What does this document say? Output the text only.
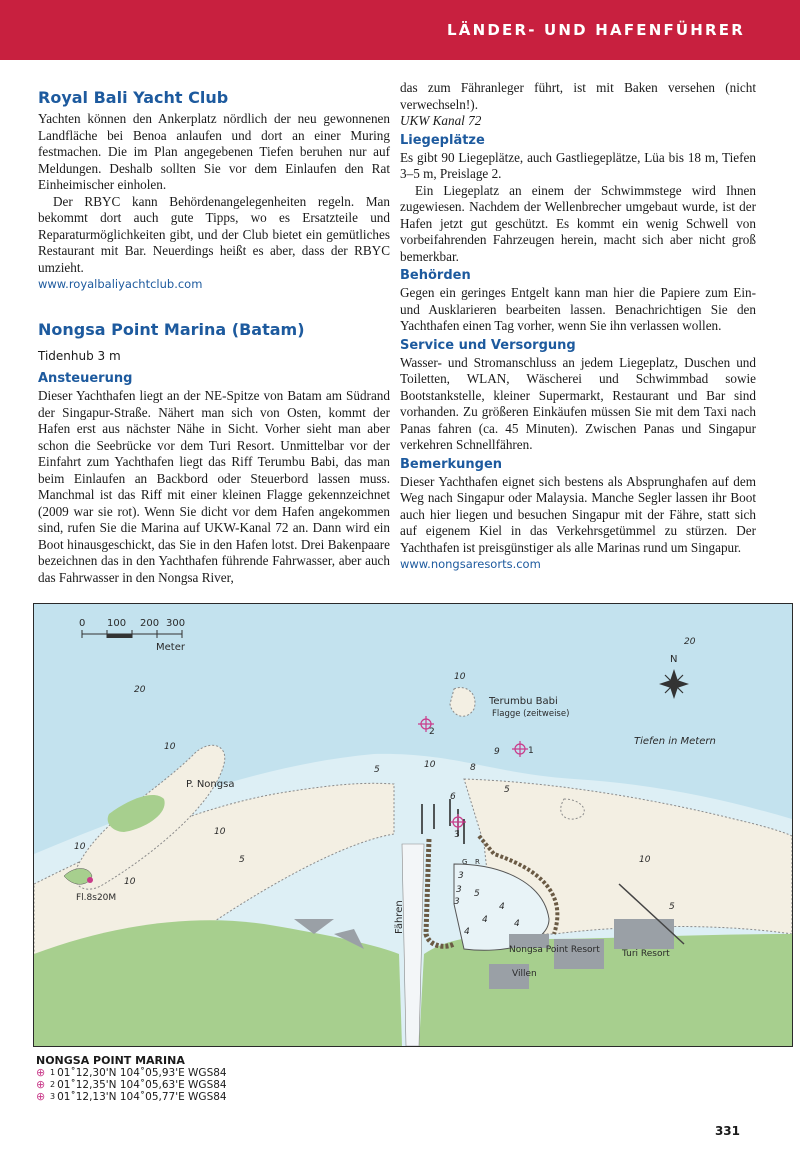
LÄNDER- UND HAFENFÜHRER
Royal Bali Yacht Club

Yachten können den Ankerplatz nördlich der neu gewonnenen Landfläche bei Benoa anlaufen und dort an einer Muring festmachen. Die im Plan angegebenen Tiefen beruhen nur auf Meldungen. Deshalb sollten Sie vor dem Einlaufen den Rat Einheimischer einholen.

Der RBYC kann Behördenangelegenheiten regeln. Man bekommt dort auch gute Tipps, wo es Ersatzteile und Reparaturmöglichkeiten gibt, und der Club bietet ein gemütliches Restaurant mit Bar. Neuerdings heißt es aber, dass der RBYC umzieht.

www.royalbaliyachtclub.com
Nongsa Point Marina (Batam)
Tidenhub 3 m
Ansteuerung

Dieser Yachthafen liegt an der NE-Spitze von Batam am Südrand der Singapur-Straße. Nähert man sich von Osten, kommt der Hafen erst aus nächster Nähe in Sicht. Vorher sieht man aber schon die Seebrücke vor dem Turi Resort. Unmittelbar vor der Einfahrt zum Yachthafen liegt das Riff Terumbu Babi, das man beim Einlaufen an Backbord oder Steuerbord lassen muss. Manchmal ist das Riff mit einer kleinen Flagge gekennzeichnet (2009 war sie rot). Wenn Sie dicht vor dem Hafen angekommen sind, rufen Sie die Marina auf UKW-Kanal 72 an. Dann wird ein Boot hinausgeschickt, das Sie in den Hafen lotst. Drei Bakenpaare bezeichnen das in den Yachthafen führende Fahrwasser, aber auch das Fahrwasser in den Nongsa River,

das zum Fähranleger führt, ist mit Baken versehen (nicht verwechseln!).

UKW Kanal 72

Liegeplätze

Es gibt 90 Liegeplätze, auch Gastliegeplätze, Lüa bis 18 m, Tiefen 3–5 m, Preislage 2.

Ein Liegeplatz an einem der Schwimmstege wird Ihnen zugewiesen. Nachdem der Wellenbrecher umgebaut wurde, ist der Hafen jetzt gut geschützt. Es kommt ein wenig Schwell von vorbeifahrenden Fahrzeugen herein, macht sich aber nicht groß bemerkbar.

Behörden

Gegen ein geringes Entgelt kann man hier die Papiere zum Ein- und Ausklarieren bearbeiten lassen. Benachrichtigen Sie den Yachthafen einen Tag vorher, wenn Sie ihn verlassen wollen.

Service und Versorgung

Wasser- und Stromanschluss an jedem Liegeplatz, Duschen und Toiletten, WLAN, Wäscherei und Schwimmbad sowie Bootstankstelle, kleiner Supermarkt, Restaurant und Bar sind vorhanden. Zu größeren Einkäufen müssen Sie mit dem Taxi nach Panas fahren (ca. 45 Minuten). Zwischen Panas und Singapur verkehren Schnellfähren.

Bemerkungen

Dieser Yachthafen eignet sich bestens als Absprunghafen auf dem Weg nach Singapur oder Malaysia. Manche Segler lassen ihr Boot auch hier liegen und besuchen Singapur mit der Fähre, statt sich auf eigenem Kiel in das Verkehrsgetümmel zu stürzen. Der Yachthafen ist preisgünstiger als alle Marinas rund um Singapur.

www.nongsaresorts.com
0 100 200 300
Meter
N
Tiefen in Metern
Terumbu Babi
Flagge (zeitweise)
P. Nongsa
Fl.8s20M
Fähren
Turi Resort
Nongsa Point Resort
Villen
20
20
10
10
10
10
10
10
10
5
5
5
5
8
9
6
3
3
3
4
4
4
4
5
G R
2
1
3
NONGSA POINT MARINA
⊕ 1 01˚12,30'N 104˚05,93'E WGS84
⊕ 2 01˚12,35'N 104˚05,63'E WGS84
⊕ 3 01˚12,13'N 104˚05,77'E WGS84
331
